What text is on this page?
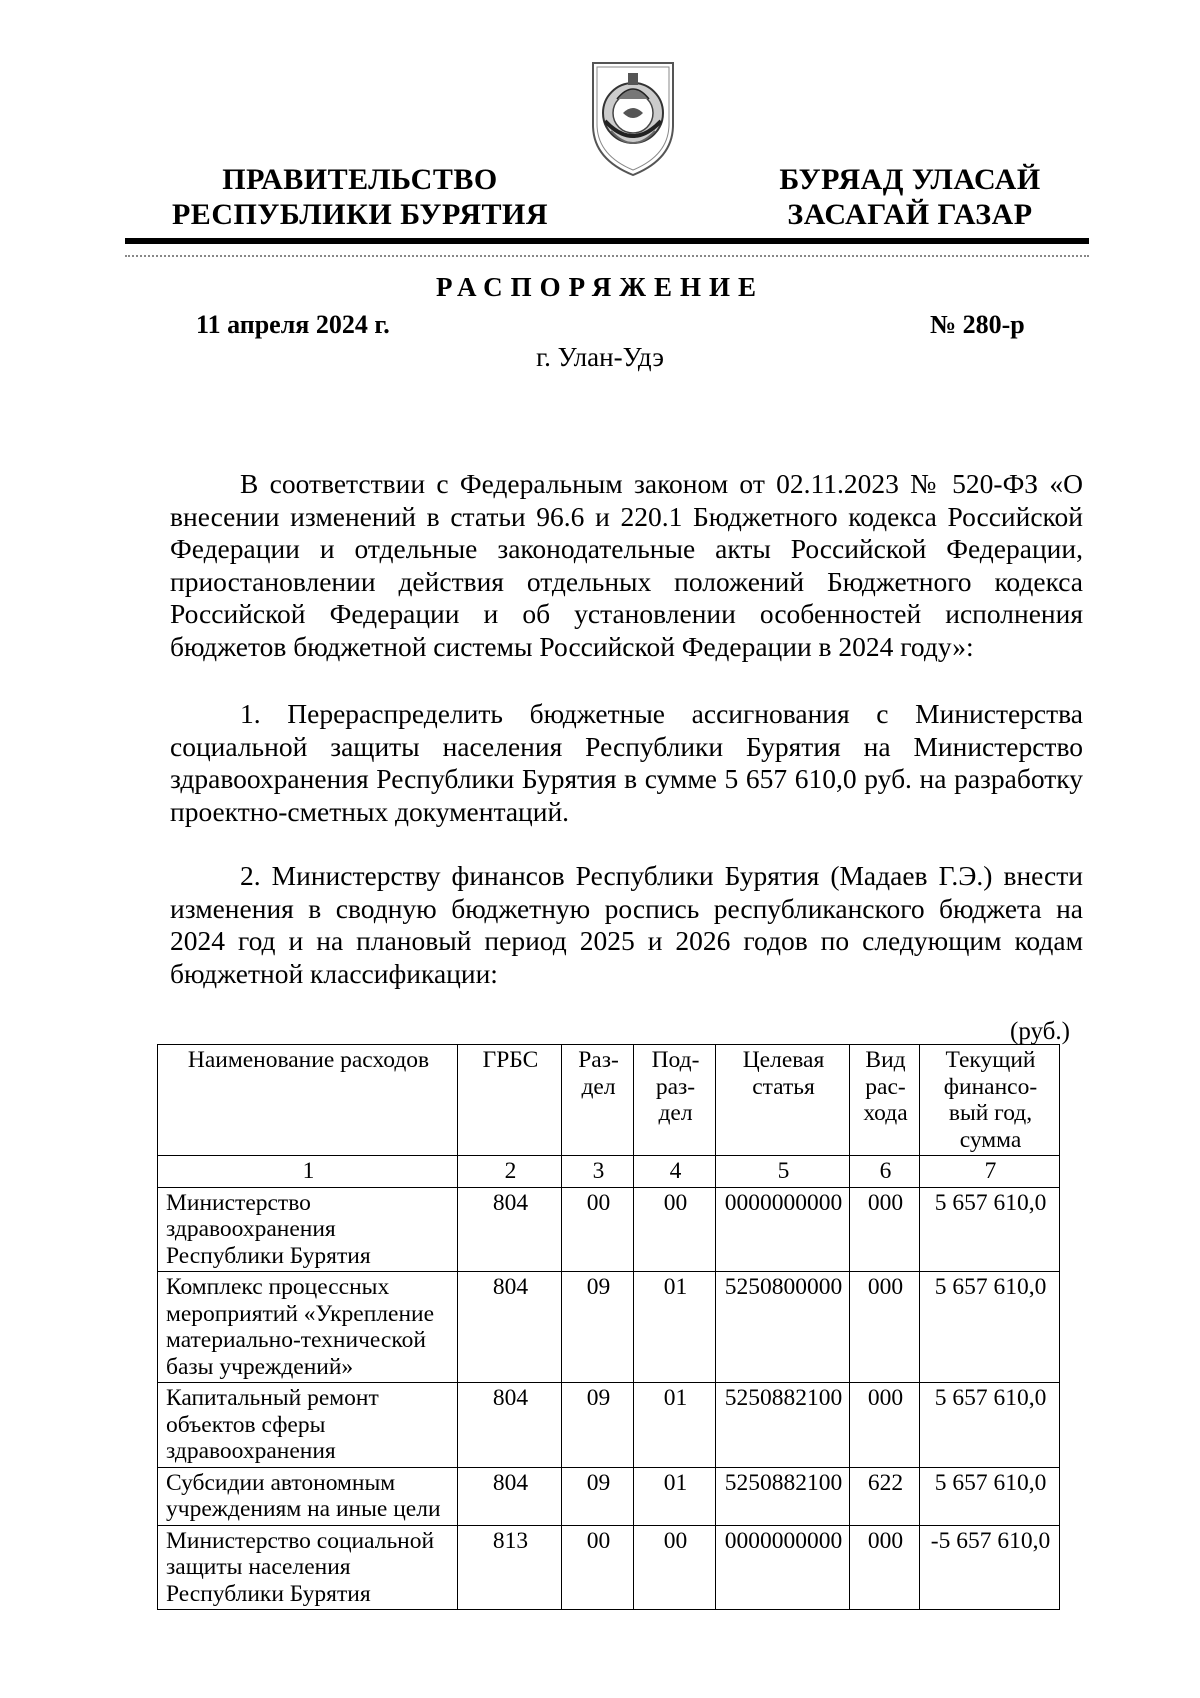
ПРАВИТЕЛЬСТВО
РЕСПУБЛИКИ БУРЯТИЯ
БУРЯАД УЛАСАЙ
ЗАСАГАЙ ГАЗАР
РАСПОРЯЖЕНИЕ
11 апреля 2024 г.	№ 280-р
г. Улан-Удэ

В соответствии с Федеральным законом от 02.11.2023 № 520-ФЗ «О внесении изменений в статьи 96.6 и 220.1 Бюджетного кодекса Российской Федерации и отдельные законодательные акты Российской Федерации, приостановлении действия отдельных положений Бюджетного кодекса Российской Федерации и об установлении особенностей исполнения бюджетов бюджетной системы Российской Федерации в 2024 году»:

1. Перераспределить бюджетные ассигнования с Министерства социальной защиты населения Республики Бурятия на Министерство здравоохранения Республики Бурятия в сумме 5 657 610,0 руб. на разработку проектно-сметных документаций.

2. Министерству финансов Республики Бурятия (Мадаев Г.Э.) внести изменения в сводную бюджетную роспись республиканского бюджета на 2024 год и на плановый период 2025 и 2026 годов по следующим кодам бюджетной классификации:

(руб.)
Наименование расходов	ГРБС	Раз- дел	Под- раз- дел	Целевая статья	Вид рас- хода	Текущий финансо- вый год, сумма
1	2	3	4	5	6	7
Министерство здравоохранения Республики Бурятия	804	00	00	0000000000	000	5 657 610,0
Комплекс процессных мероприятий «Укрепление материально-технической базы учреждений»	804	09	01	5250800000	000	5 657 610,0
Капитальный ремонт объектов сферы здравоохранения	804	09	01	5250882100	000	5 657 610,0
Субсидии автономным учреждениям на иные цели	804	09	01	5250882100	622	5 657 610,0
Министерство социальной защиты населения Республики Бурятия	813	00	00	0000000000	000	-5 657 610,0
